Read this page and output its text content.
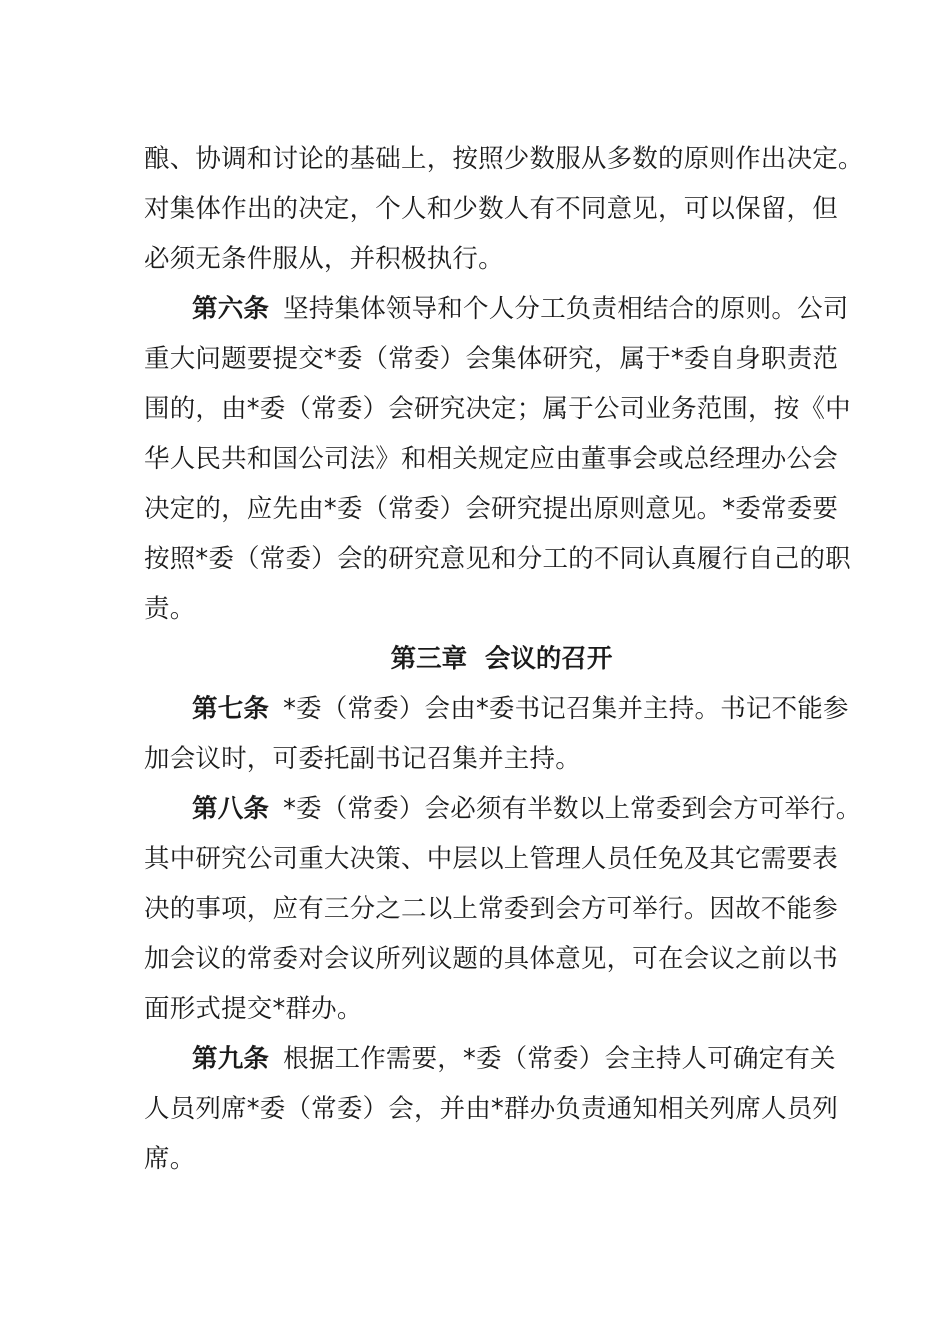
酿、协调和讨论的基础上，按照少数服从多数的原则作出决定。
对集体作出的决定，个人和少数人有不同意见，可以保留，但
必须无条件服从，并积极执行。
第六条 坚持集体领导和个人分工负责相结合的原则。公司
重大问题要提交*委（常委）会集体研究，属于*委自身职责范
围的，由*委（常委）会研究决定；属于公司业务范围，按《中
华人民共和国公司法》和相关规定应由董事会或总经理办公会
决定的，应先由*委（常委）会研究提出原则意见。*委常委要
按照*委（常委）会的研究意见和分工的不同认真履行自己的职
责。
第三章  会议的召开
第七条 *委（常委）会由*委书记召集并主持。书记不能参
加会议时，可委托副书记召集并主持。
第八条 *委（常委）会必须有半数以上常委到会方可举行。
其中研究公司重大决策、中层以上管理人员任免及其它需要表
决的事项，应有三分之二以上常委到会方可举行。因故不能参
加会议的常委对会议所列议题的具体意见，可在会议之前以书
面形式提交*群办。
第九条 根据工作需要，*委（常委）会主持人可确定有关
人员列席*委（常委）会，并由*群办负责通知相关列席人员列
席。
